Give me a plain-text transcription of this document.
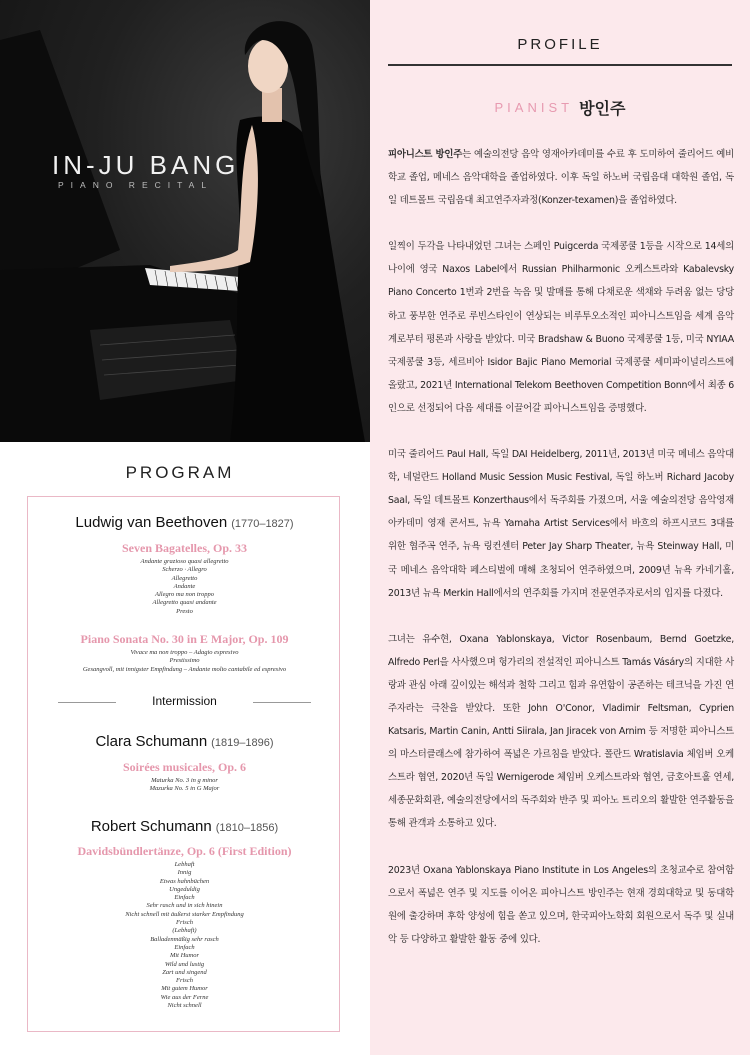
IN-JU BANG
PIANO RECITAL
PROGRAM
Ludwig van Beethoven (1770–1827)
Seven Bagatelles, Op. 33
Andante grazioso quasi allegretto
Scherzo · Allegro
Allegretto
Andante
Allegro ma non troppo
Allegretto quasi andante
Presto
Piano Sonata No. 30 in E Major, Op. 109
Vivace ma non troppo – Adagio espresivo
Prestissimo
Gesangvoll, mit innigster Empfindung – Andante molto cantabile ed espresivo
Intermission
Clara Schumann (1819–1896)
Soirées musicales, Op. 6
Maturka No. 3 in g minor
Mazurka No. 5 in G Major
Robert Schumann (1810–1856)
Davidsbündlertänze, Op. 6 (First Edition)
Lebhaft
Innig
Etwas hahnbüchen
Ungeduldig
Einfach
Sehr rasch und in sich hinein
Nicht schnell mit äußerst starker Empfindung
Frisch
(Lebhaft)
Balladenmäßig sehr rasch
Einfach
Mit Humor
Wild und lustig
Zart und singend
Frisch
Mit gutem Humor
Wie aus der Ferne
Nicht schnell
PROFILE
PIANIST 방인주

피아니스트 방인주는 예술의전당 음악 영재아카데미를 수료 후 도미하여 줄리어드 예비학교 졸업, 메네스 음악대학을 졸업하였다. 이후 독일 하노버 국립음대 대학원 졸업, 독일 데트몰트 국립음대 최고연주자과정(Konzer-texamen)을 졸업하였다.

일찍이 두각을 나타내었던 그녀는 스페인 Puigcerda 국제콩쿨 1등을 시작으로 14세의 나이에 영국 Naxos Label에서 Russian Philharmonic 오케스트라와 Kabalevsky Piano Concerto 1번과 2번을 녹음 및 발매를 통해 다채로운 색채와 두려움 없는 당당하고 풍부한 연주로 루빈스타인이 연상되는 비루투오소적인 피아니스트임을 세계 음악계로부터 평론과 사랑을 받았다. 미국 Bradshaw & Buono 국제콩쿨 1등, 미국 NYIAA 국제콩쿨 3등, 세르비아 Isidor Bajic Piano Memorial 국제콩쿨 세미파이널리스트에 올랐고, 2021년 International Telekom Beethoven Competition Bonn에서 최종 6인으로 선정되어 다음 세대를 이끌어갈 피아니스트임을 증명했다.

미국 줄리어드 Paul Hall, 독일 DAI Heidelberg, 2011년, 2013년 미국 메네스 음악대학, 네덜란드 Holland Music Session Music Festival, 독일 하노버 Richard Jacoby Saal, 독일 데트몰트 Konzerthaus에서 독주회를 가졌으며, 서울 예술의전당 음악영재아카데미 영재 콘서트, 뉴욕 Yamaha Artist Services에서 바흐의 하프시코드 3대를 위한 협주곡 연주, 뉴욕 링컨센터 Peter Jay Sharp Theater, 뉴욕 Steinway Hall, 미국 메네스 음악대학 페스티벌에 매해 초청되어 연주하였으며, 2009년 뉴욕 카네기홀, 2013년 뉴욕 Merkin Hall에서의 연주회를 가지며 전문연주자로서의 입지를 다졌다.

그녀는 유수현, Oxana Yablonskaya, Victor Rosenbaum, Bernd Goetzke, Alfredo Perl을 사사했으며 헝가리의 전설적인 피아니스트 Tamás Vásáry의 지대한 사랑과 관심 아래 깊이있는 해석과 철학 그리고 힘과 유연함이 공존하는 테크닉을 가진 연주자라는 극찬을 받았다. 또한 John O'Conor, Vladimir Feltsman, Cyprien Katsaris, Martin Canin, Antti Siirala, Jan Jiracek von Arnim 등 저명한 피아니스트의 마스터클래스에 참가하여 폭넓은 가르침을 받았다. 폴란드 Wratislavia 체임버 오케스트라 협연, 2020년 독일 Wernigerode 체임버 오케스트라와 협연, 금호아트홀 연세, 세종문화회관, 예술의전당에서의 독주회와 반주 및 피아노 트리오의 활발한 연주활동을 통해 관객과 소통하고 있다.

2023년 Oxana Yablonskaya Piano Institute in Los Angeles의 초청교수로 참여함으로서 폭넓은 연주 및 지도를 이어온 피아니스트 방인주는 현재 경희대학교 및 동대학원에 출강하며 후학 양성에 힘을 쏟고 있으며, 한국피아노학회 회원으로서 독주 및 실내악 등 다양하고 활발한 활동 중에 있다.
